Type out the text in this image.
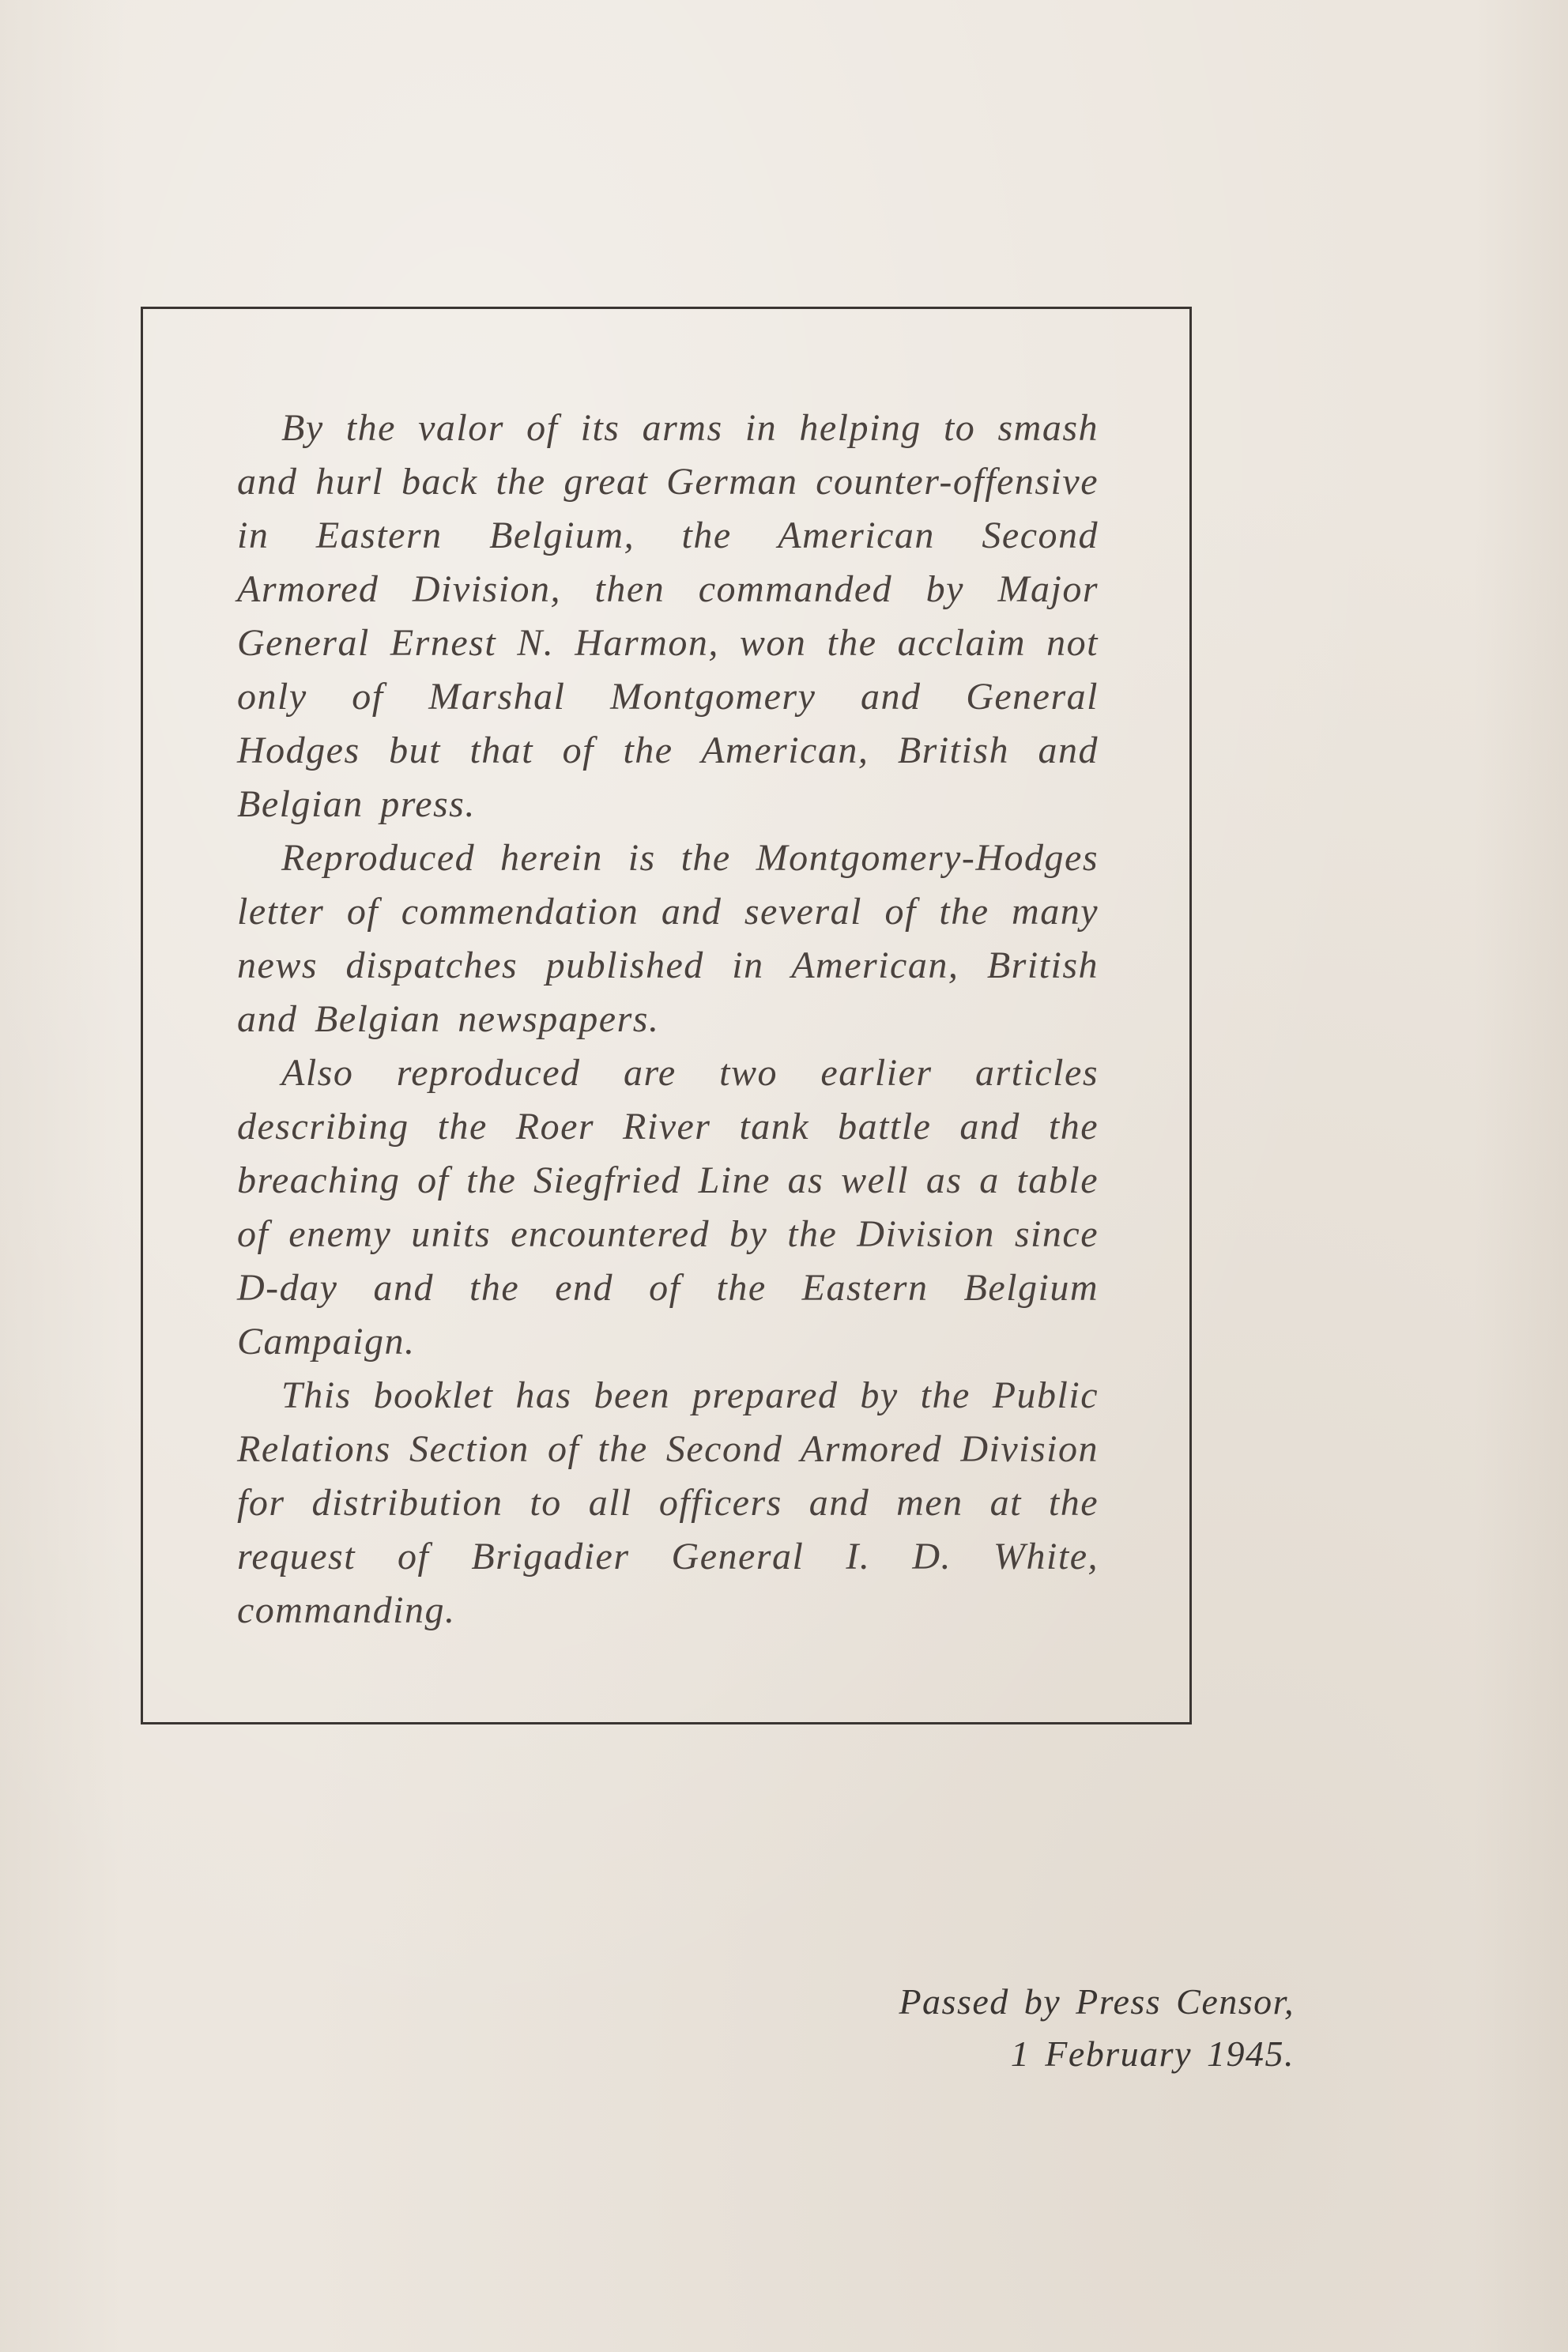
By the valor of its arms in helping to smash and hurl back the great German counter-offensive in Eastern Belgium, the American Second Armored Division, then commanded by Major General Ernest N. Harmon, won the acclaim not only of Marshal Montgomery and General Hodges but that of the American, British and Belgian press.

Reproduced herein is the Montgomery-Hodges letter of commendation and several of the many news dispatches published in American, British and Belgian newspapers.

Also reproduced are two earlier articles describing the Roer River tank battle and the breaching of the Siegfried Line as well as a table of enemy units encountered by the Division since D-day and the end of the Eastern Belgium Campaign.

This booklet has been prepared by the Public Relations Section of the Second Armored Division for distribution to all officers and men at the request of Brigadier General I. D. White, commanding.

Passed by Press Censor,
1 February 1945.
